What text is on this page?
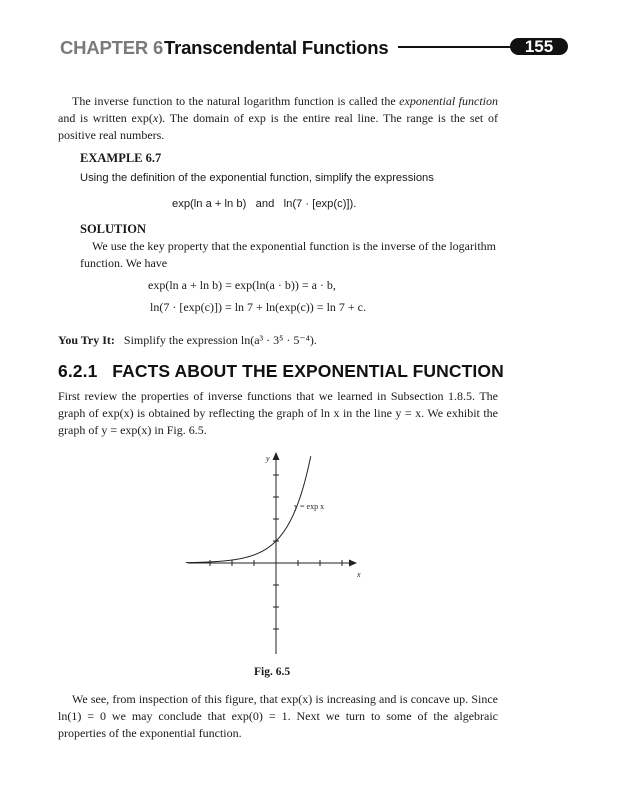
CHAPTER 6 Transcendental Functions	155
The inverse function to the natural logarithm function is called the exponential function and is written exp(x). The domain of exp is the entire real line. The range is the set of positive real numbers.
EXAMPLE 6.7
Using the definition of the exponential function, simplify the expressions
exp(ln a + ln b)   and   ln(7 · [exp(c)]).
SOLUTION
We use the key property that the exponential function is the inverse of the logarithm function. We have
exp(ln a + ln b) = exp(ln(a · b)) = a · b,
ln(7 · [exp(c)]) = ln 7 + ln(exp(c)) = ln 7 + c.
You Try It: Simplify the expression ln(a³ · 3⁵ · 5⁻⁴).
6.2.1   FACTS ABOUT THE EXPONENTIAL FUNCTION
First review the properties of inverse functions that we learned in Subsection 1.8.5. The graph of exp(x) is obtained by reflecting the graph of ln x in the line y = x. We exhibit the graph of y = exp(x) in Fig. 6.5.
y
x
y = exp x
Fig. 6.5
We see, from inspection of this figure, that exp(x) is increasing and is concave up. Since ln(1) = 0 we may conclude that exp(0) = 1. Next we turn to some of the algebraic properties of the exponential function.
